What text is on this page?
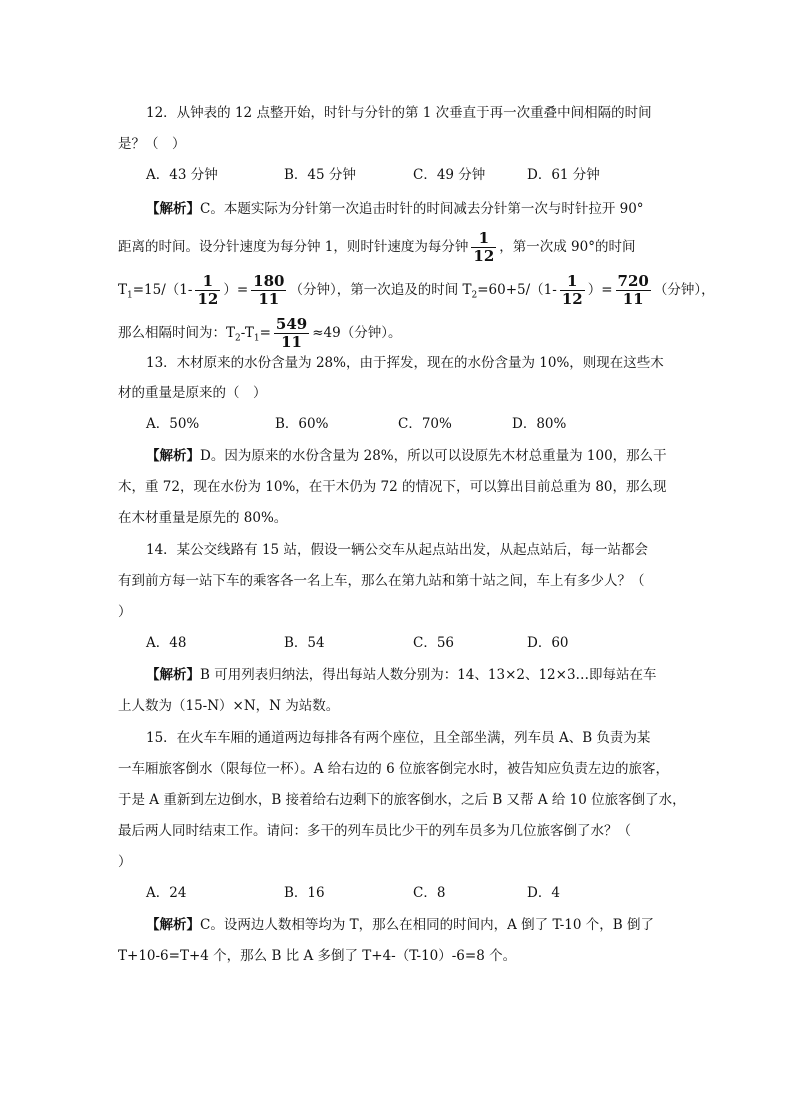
12．从钟表的 12 点整开始，时针与分针的第 1 次垂直于再一次重叠中间相隔的时间
是？（　）
A．43 分钟	B．45 分钟	C．49 分钟	D．61 分钟
【解析】C。本题实际为分针第一次追击时针的时间减去分针第一次与时针拉开 90°
距离的时间。设分针速度为每分钟 1，则时针速度为每分钟 $\frac{1}{12}$ ，第一次成 90°的时间
$T_1=15/(1- \frac{1}{12}$ ）= $\frac{180}{11}$ （分钟），第一次追及的时间 $T_2=60+5/(1- \frac{1}{12}$ ）= $\frac{720}{11}$ （分钟），
那么相隔时间为：$T_2-T_1= \frac{549}{11} \approx 49$（分钟）。
13．木材原来的水份含量为 28%，由于挥发，现在的水份含量为 10%，则现在这些木
材的重量是原来的（　）
A．50%	B．60%	C．70%	D．80%
【解析】D。因为原来的水份含量为 28%，所以可以设原先木材总重量为 100，那么干
木，重 72，现在水份为 10%，在干木仍为 72 的情况下，可以算出目前总重为 80，那么现
在木材重量是原先的 80%。
14．某公交线路有 15 站，假设一辆公交车从起点站出发，从起点站后，每一站都会
有到前方每一站下车的乘客各一名上车，那么在第九站和第十站之间，车上有多少人？（
）
A．48	B．54	C．56	D．60
【解析】B 可用列表归纳法，得出每站人数分别为：14、13×2、12×3…即每站在车
上人数为（15-N）×N，N 为站数。
15．在火车车厢的通道两边每排各有两个座位，且全部坐满，列车员 A、B 负责为某
一车厢旅客倒水（限每位一杯）。A 给右边的 6 位旅客倒完水时，被告知应负责左边的旅客，
于是 A 重新到左边倒水，B 接着给右边剩下的旅客倒水，之后 B 又帮 A 给 10 位旅客倒了水，
最后两人同时结束工作。请问：多干的列车员比少干的列车员多为几位旅客倒了水？（
）
A．24	B．16	C．8	D．4
【解析】C。设两边人数相等均为 T，那么在相同的时间内，A 倒了 T-10 个，B 倒了
T+10-6=T+4 个，那么 B 比 A 多倒了 T+4-（T-10）-6=8 个。
